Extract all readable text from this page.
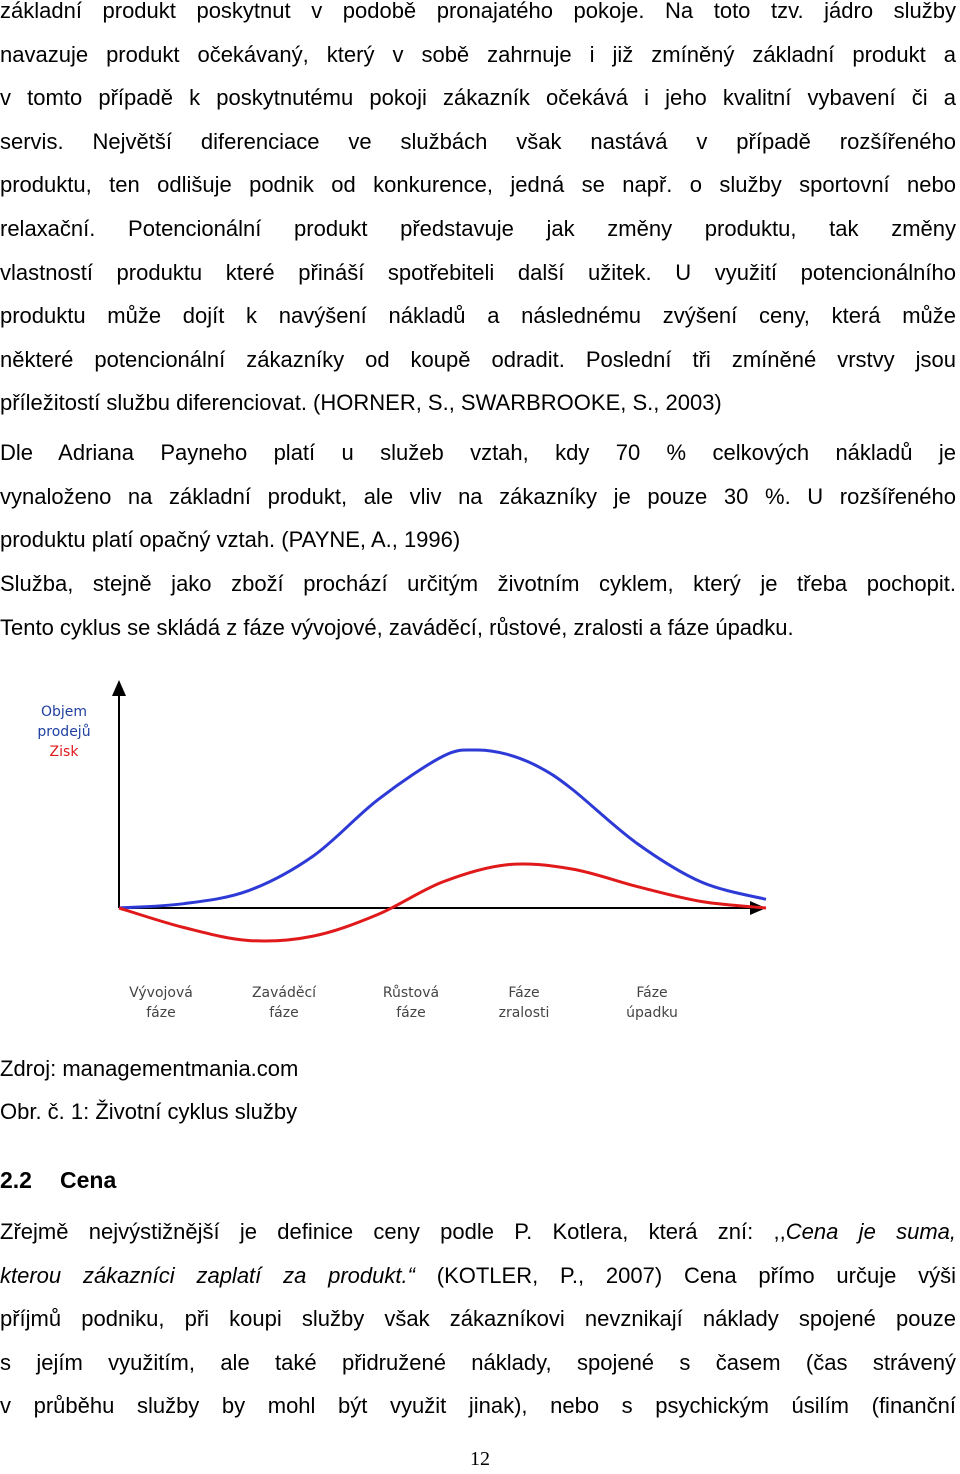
základní produkt poskytnut v podobě pronajatého pokoje. Na toto tzv. jádro služby
navazuje produkt očekávaný, který v sobě zahrnuje i již zmíněný základní produkt a
v tomto případě k poskytnutému pokoji zákazník očekává i jeho kvalitní vybavení či a
servis. Největší diferenciace ve službách však nastává v případě rozšířeného
produktu, ten odlišuje podnik od konkurence, jedná se např. o služby sportovní nebo
relaxační. Potencionální produkt představuje jak změny produktu, tak změny
vlastností produktu které přináší spotřebiteli další užitek. U využití potencionálního
produktu může dojít k navýšení nákladů a následnému zvýšení ceny, která může
některé potencionální zákazníky od koupě odradit. Poslední tři zmíněné vrstvy jsou
příležitostí službu diferenciovat. (HORNER, S., SWARBROOKE, S., 2003)
Dle Adriana Payneho platí u služeb vztah, kdy 70 % celkových nákladů je
vynaloženo na základní produkt, ale vliv na zákazníky je pouze 30 %. U rozšířeného
produktu platí opačný vztah. (PAYNE, A., 1996)
Služba, stejně jako zboží prochází určitým životním cyklem, který je třeba pochopit.
Tento cyklus se skládá z fáze vývojové, zaváděcí, růstové, zralosti a fáze úpadku.
Objem
prodejů
Zisk
Vývojová
fáze
Zaváděcí
fáze
Růstová
fáze
Fáze
zralosti
Fáze
úpadku

Zdroj: managementmania.com

Obr. č. 1: Životní cyklus služby

2.2 Cena
Zřejmě nejvýstižnější je definice ceny podle P. Kotlera, která zní: ,,Cena je suma,
kterou zákazníci zaplatí za produkt.“ (KOTLER, P., 2007) Cena přímo určuje výši
příjmů podniku, při koupi služby však zákazníkovi nevznikají náklady spojené pouze
s jejím využitím, ale také přidružené náklady, spojené s časem (čas strávený
v průběhu služby by mohl být využit jinak), nebo s psychickým úsilím (finanční
12
